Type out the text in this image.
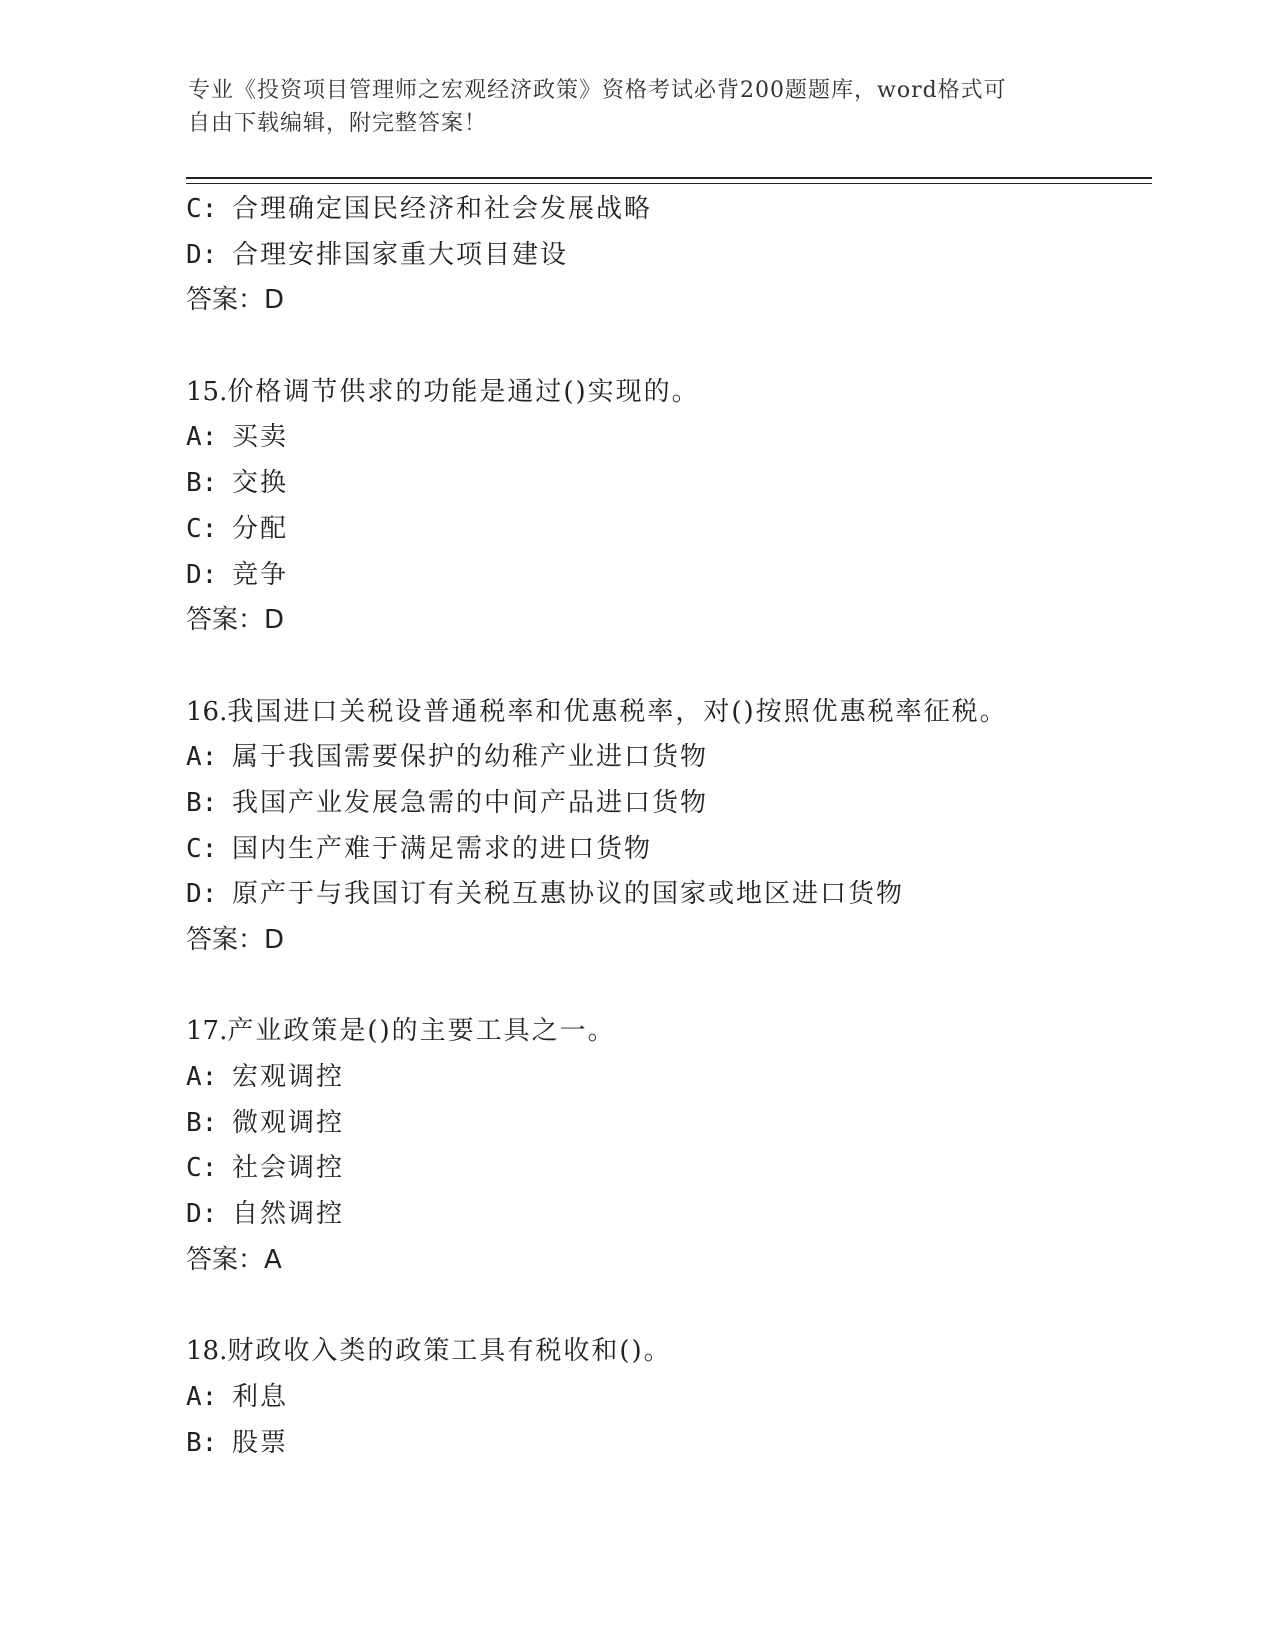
专业《投资项目管理师之宏观经济政策》资格考试必背200题题库，word格式可
自由下载编辑，附完整答案！
C: 合理确定国民经济和社会发展战略
D: 合理安排国家重大项目建设
答案：D
15.价格调节供求的功能是通过()实现的。
A: 买卖
B: 交换
C: 分配
D: 竞争
答案：D
16.我国进口关税设普通税率和优惠税率，对()按照优惠税率征税。
A: 属于我国需要保护的幼稚产业进口货物
B: 我国产业发展急需的中间产品进口货物
C: 国内生产难于满足需求的进口货物
D: 原产于与我国订有关税互惠协议的国家或地区进口货物
答案：D
17.产业政策是()的主要工具之一。
A: 宏观调控
B: 微观调控
C: 社会调控
D: 自然调控
答案：A
18.财政收入类的政策工具有税收和()。
A: 利息
B: 股票
